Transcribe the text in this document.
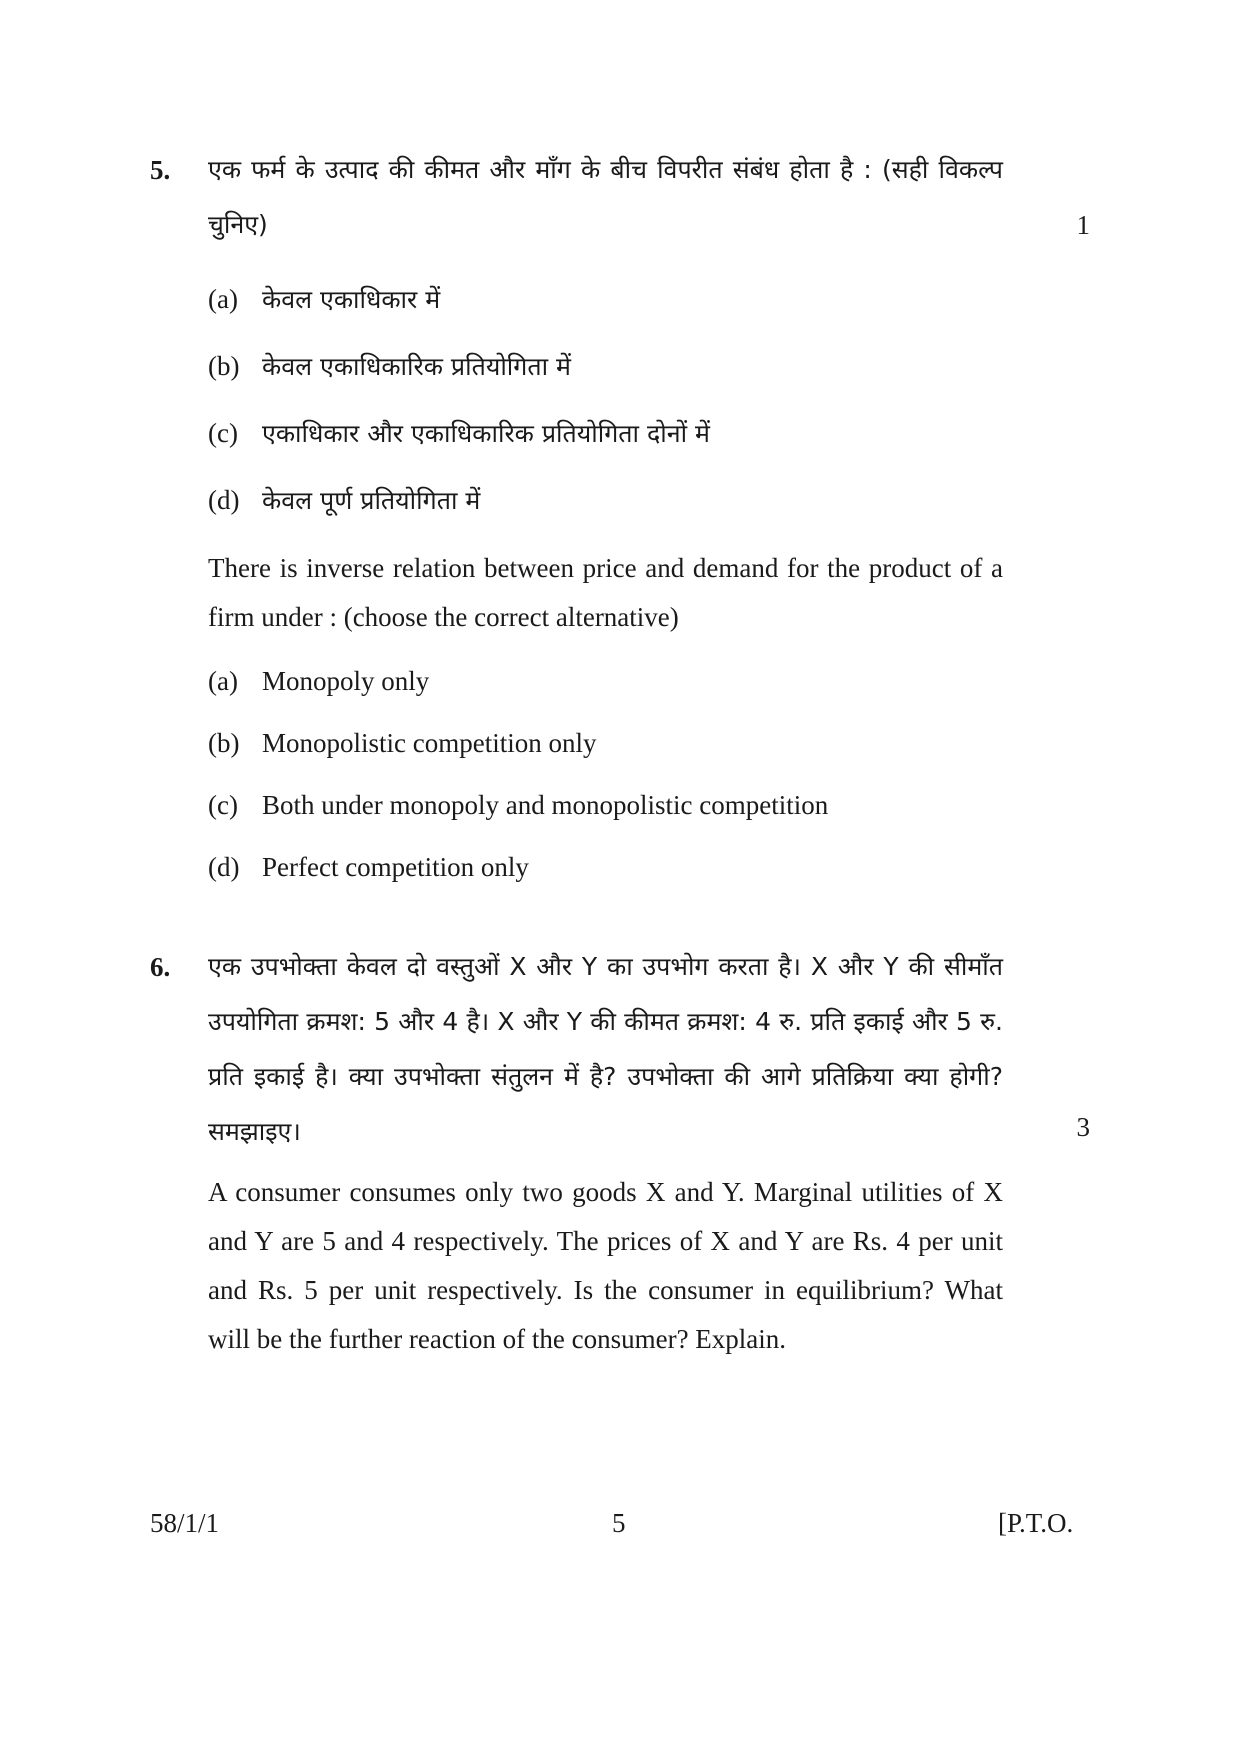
5. एक फर्म के उत्पाद की कीमत और माँग के बीच विपरीत संबंध होता है : (सही विकल्प चुनिए)	1
(a) केवल एकाधिकार में
(b) केवल एकाधिकारिक प्रतियोगिता में
(c) एकाधिकार और एकाधिकारिक प्रतियोगिता दोनों में
(d) केवल पूर्ण प्रतियोगिता में
There is inverse relation between price and demand for the product of a firm under : (choose the correct alternative)
(a) Monopoly only
(b) Monopolistic competition only
(c) Both under monopoly and monopolistic competition
(d) Perfect competition only
6. एक उपभोक्ता केवल दो वस्तुओं X और Y का उपभोग करता है। X और Y की सीमाँत उपयोगिता क्रमश: 5 और 4 है। X और Y की कीमत क्रमश: 4 रु. प्रति इकाई और 5 रु. प्रति इकाई है। क्या उपभोक्ता संतुलन में है? उपभोक्ता की आगे प्रतिक्रिया क्या होगी? समझाइए।	3
A consumer consumes only two goods X and Y. Marginal utilities of X and Y are 5 and 4 respectively. The prices of X and Y are Rs. 4 per unit and Rs. 5 per unit respectively. Is the consumer in equilibrium? What will be the further reaction of the consumer? Explain.
58/1/1	5	[P.T.O.
